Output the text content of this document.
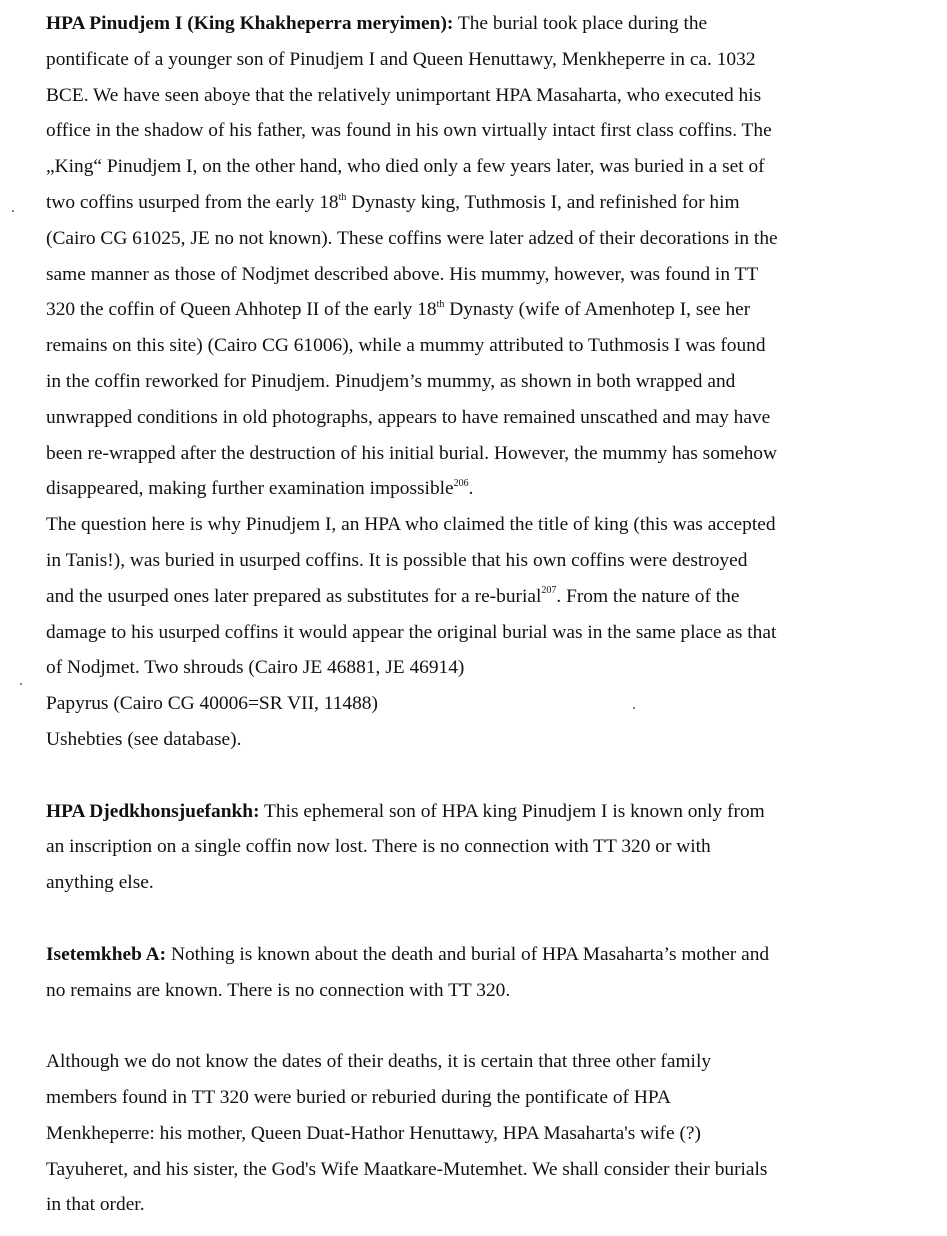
HPA Pinudjem I (King Khakheperra meryimen): The burial took place during the
pontificate of a younger son of Pinudjem I and Queen Henuttawy, Menkheperre in ca. 1032
BCE. We have seen aboye that the relatively unimportant HPA Masaharta, who executed his
office in the shadow of his father, was found in his own virtually intact first class coffins. The
„King“ Pinudjem I, on the other hand, who died only a few years later, was buried in a set of
two coffins usurped from the early 18th Dynasty king, Tuthmosis I, and refinished for him
(Cairo CG 61025, JE no not known). These coffins were later adzed of their decorations in the
same manner as those of Nodjmet described above. His mummy, however, was found in TT
320 the coffin of Queen Ahhotep II of the early 18th Dynasty (wife of Amenhotep I, see her
remains on this site) (Cairo CG 61006), while a mummy attributed to Tuthmosis I was found
in the coffin reworked for Pinudjem. Pinudjem’s mummy, as shown in both wrapped and
unwrapped conditions in old photographs, appears to have remained unscathed and may have
been re-wrapped after the destruction of his initial burial. However, the mummy has somehow
disappeared, making further examination impossible$^{206}$.
The question here is why Pinudjem I, an HPA who claimed the title of king (this was accepted
in Tanis!), was buried in usurped coffins. It is possible that his own coffins were destroyed
and the usurped ones later prepared as substitutes for a re-burial$^{207}$. From the nature of the
damage to his usurped coffins it would appear the original burial was in the same place as that
of Nodjmet. Two shrouds (Cairo JE 46881, JE 46914)
Papyrus (Cairo CG 40006=SR VII, 11488)
Ushebties (see database).
HPA Djedkhonsjuefankh: This ephemeral son of HPA king Pinudjem I is known only from
an inscription on a single coffin now lost. There is no connection with TT 320 or with
anything else.
Isetemkheb A: Nothing is known about the death and burial of HPA Masaharta’s mother and
no remains are known. There is no connection with TT 320.
Although we do not know the dates of their deaths, it is certain that three other family
members found in TT 320 were buried or reburied during the pontificate of HPA
Menkheperre: his mother, Queen Duat-Hathor Henuttawy, HPA Masaharta's wife (?)
Tayuheret, and his sister, the God's Wife Maatkare-Mutemhet. We shall consider their burials
in that order.
